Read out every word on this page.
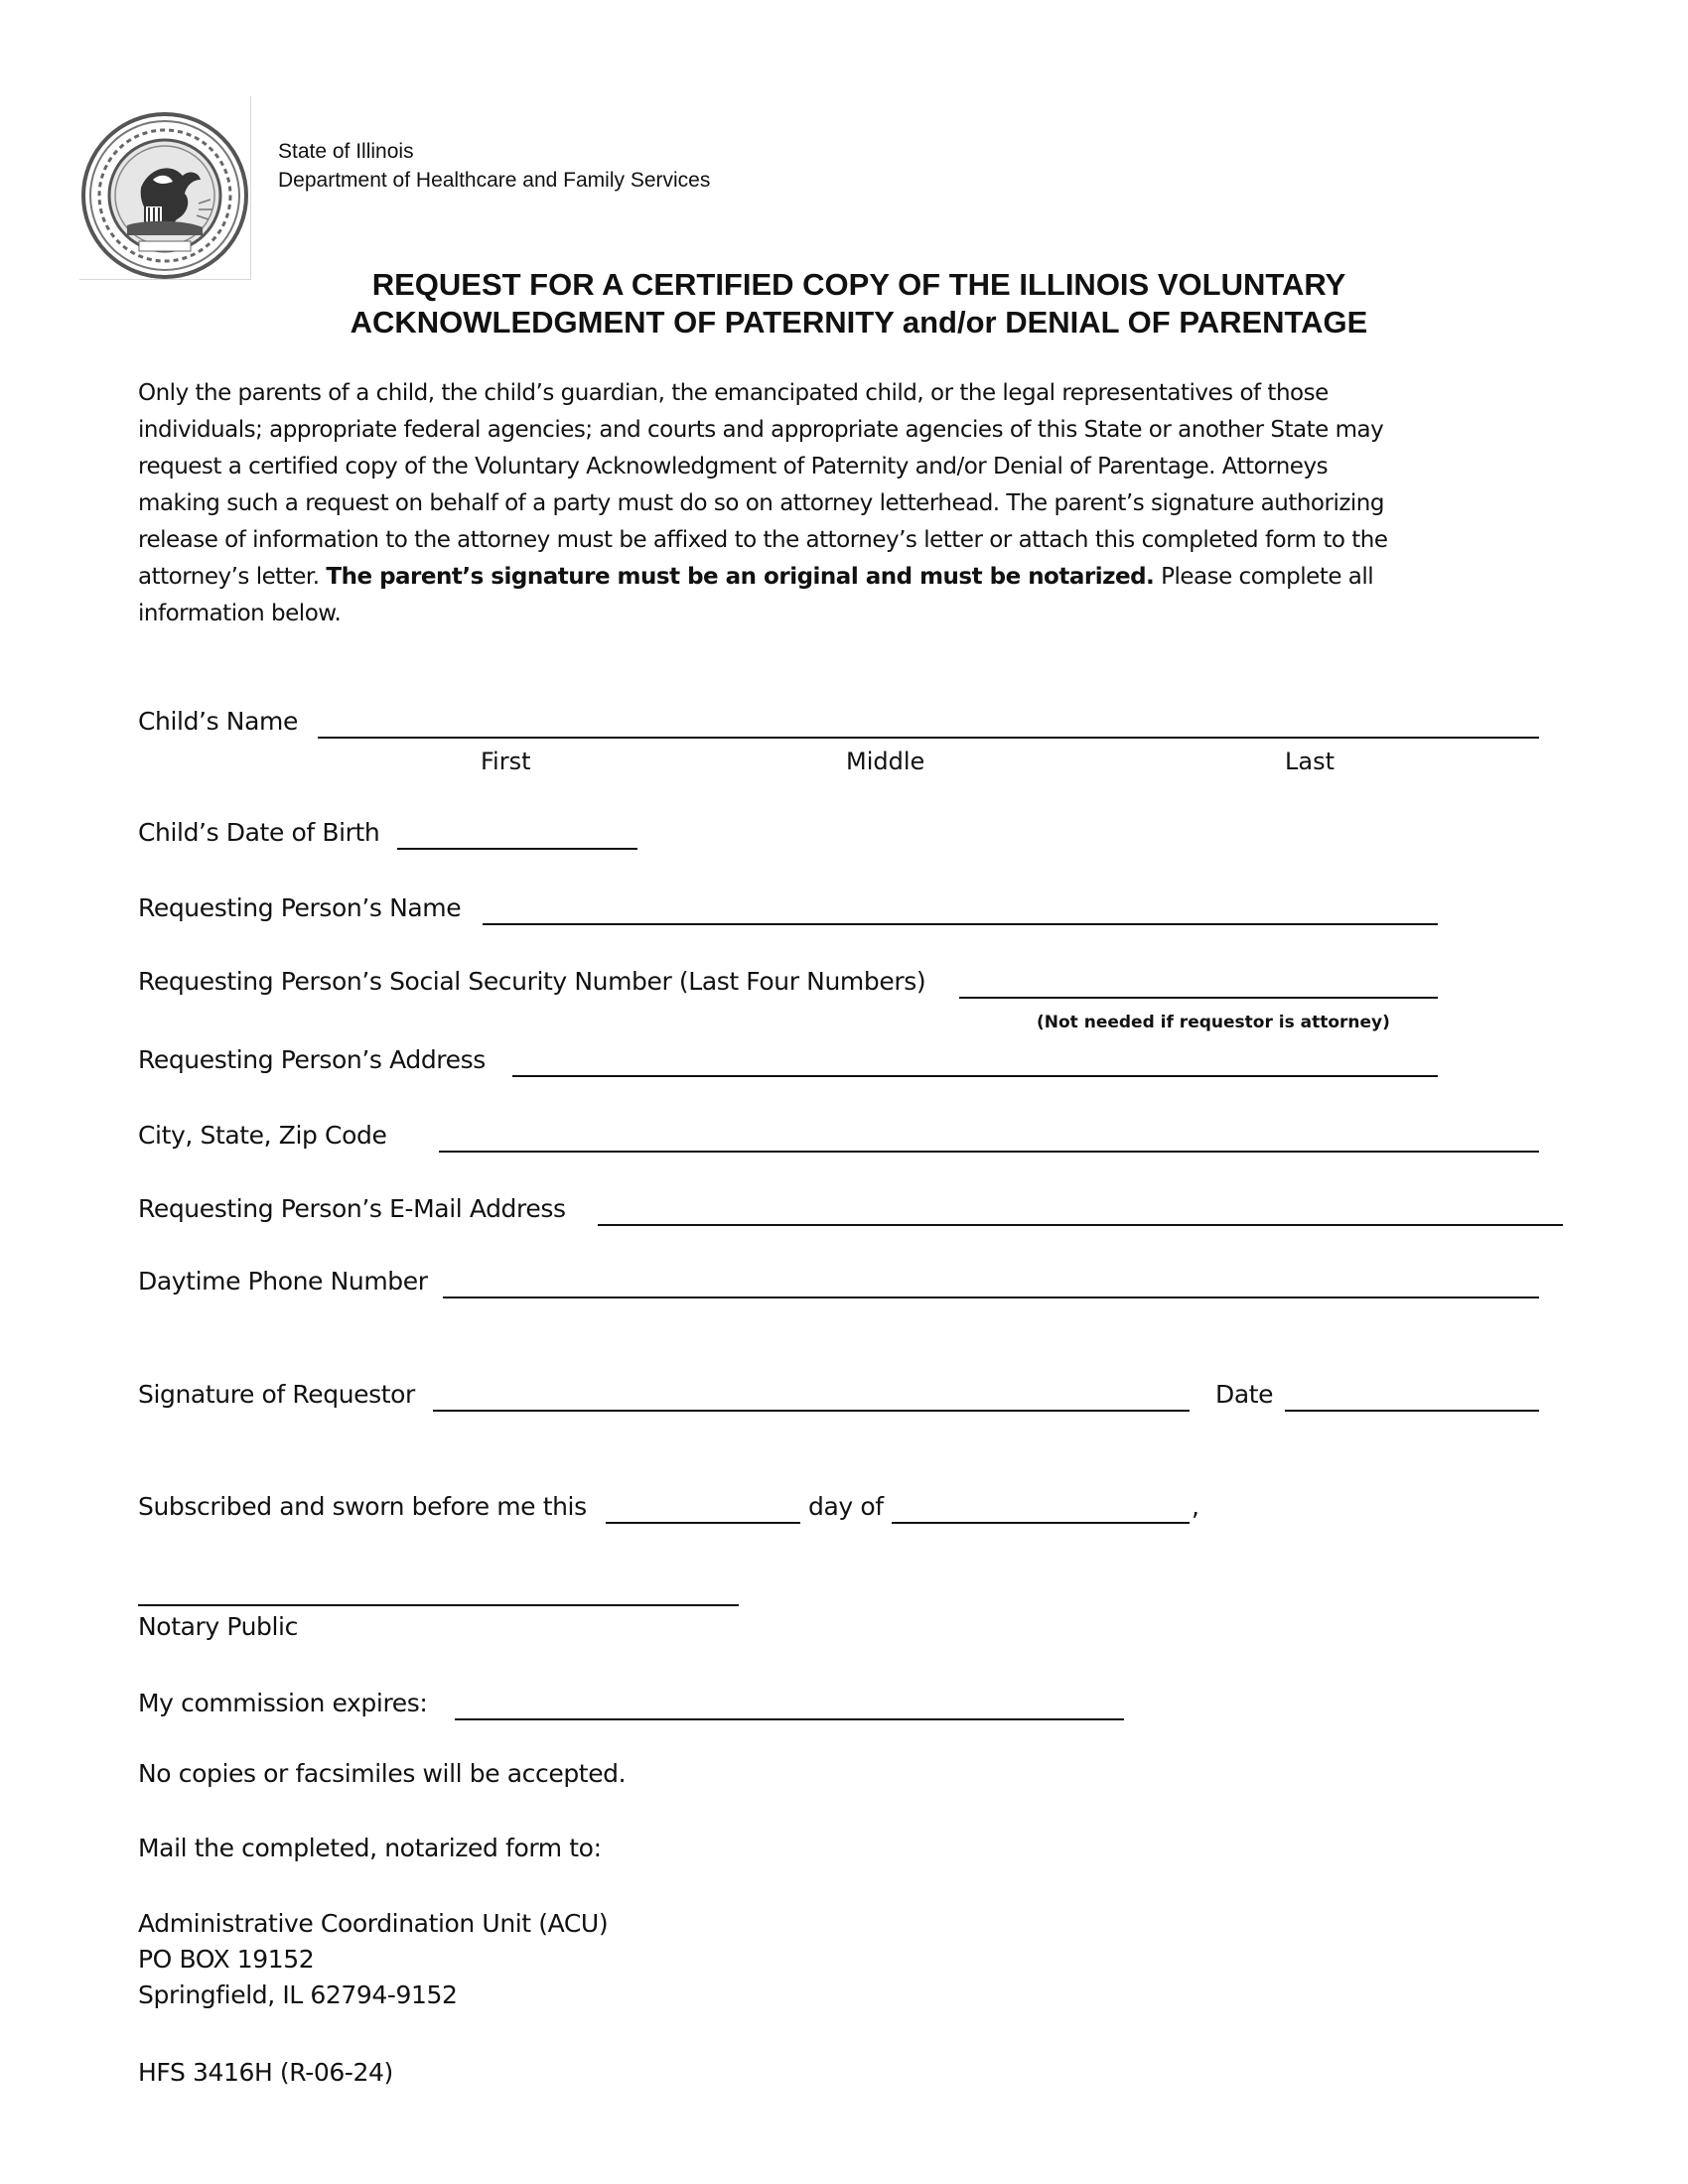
State of Illinois
Department of Healthcare and Family Services
REQUEST FOR A CERTIFIED COPY OF THE ILLINOIS VOLUNTARY
ACKNOWLEDGMENT OF PATERNITY and/or DENIAL OF PARENTAGE
Only the parents of a child, the child’s guardian, the emancipated child, or the legal representatives of those
individuals; appropriate federal agencies; and courts and appropriate agencies of this State or another State may
request a certified copy of the Voluntary Acknowledgment of Paternity and/or Denial of Parentage. Attorneys
making such a request on behalf of a party must do so on attorney letterhead. The parent’s signature authorizing
release of information to the attorney must be affixed to the attorney’s letter or attach this completed form to the
attorney’s letter. The parent’s signature must be an original and must be notarized. Please complete all
information below.
Child’s Name
First	Middle	Last
Child’s Date of Birth
Requesting Person’s Name
Requesting Person’s Social Security Number (Last Four Numbers)
(Not needed if requestor is attorney)
Requesting Person’s Address
City, State, Zip Code
Requesting Person’s E-Mail Address
Daytime Phone Number
Signature of Requestor	Date
Subscribed and sworn before me this	day of	,
Notary Public
My commission expires:
No copies or facsimiles will be accepted.
Mail the completed, notarized form to:
Administrative Coordination Unit (ACU)
PO BOX 19152
Springfield, IL 62794-9152
HFS 3416H (R-06-24)
